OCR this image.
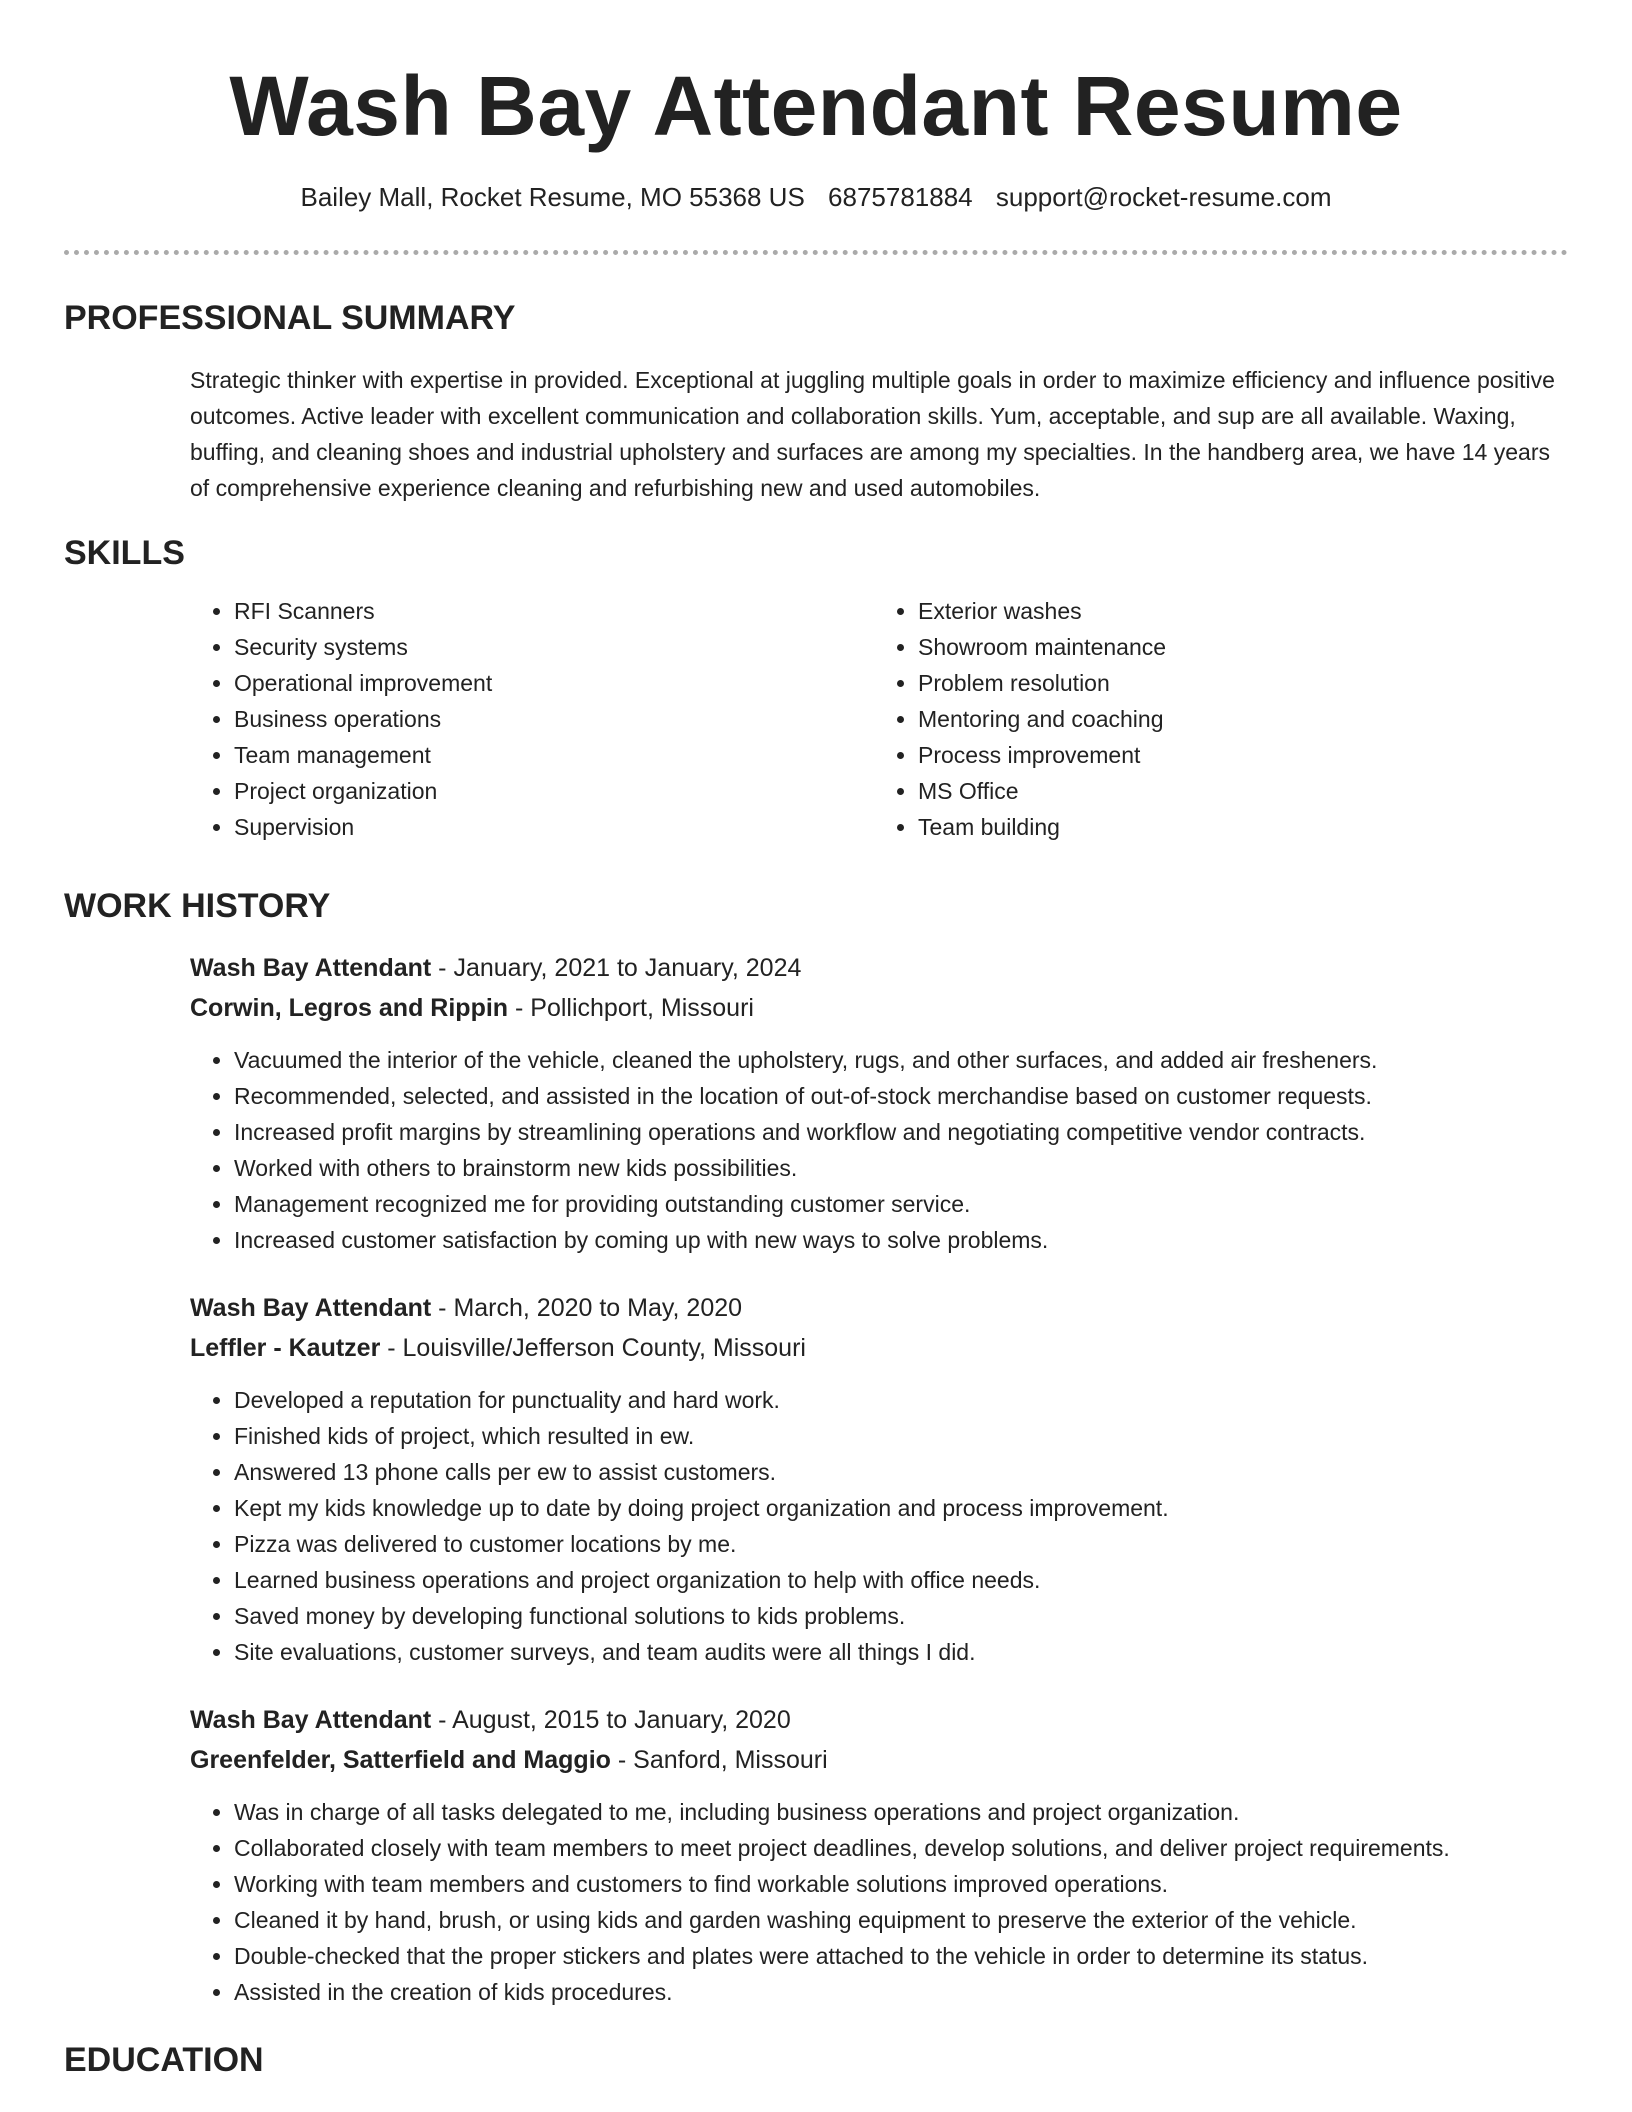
Wash Bay Attendant Resume
Bailey Mall, Rocket Resume, MO 55368 US 6875781884 support@rocket-resume.com
PROFESSIONAL SUMMARY

Strategic thinker with expertise in provided. Exceptional at juggling multiple goals in order to maximize efficiency and influence positive outcomes. Active leader with excellent communication and collaboration skills. Yum, acceptable, and sup are all available. Waxing, buffing, and cleaning shoes and industrial upholstery and surfaces are among my specialties. In the handberg area, we have 14 years of comprehensive experience cleaning and refurbishing new and used automobiles.

SKILLS
• RFI Scanners
• Security systems
• Operational improvement
• Business operations
• Team management
• Project organization
• Supervision
• Exterior washes
• Showroom maintenance
• Problem resolution
• Mentoring and coaching
• Process improvement
• MS Office
• Team building
WORK HISTORY
Wash Bay Attendant - January, 2021 to January, 2024
Corwin, Legros and Rippin - Pollichport, Missouri
• Vacuumed the interior of the vehicle, cleaned the upholstery, rugs, and other surfaces, and added air fresheners.
• Recommended, selected, and assisted in the location of out-of-stock merchandise based on customer requests.
• Increased profit margins by streamlining operations and workflow and negotiating competitive vendor contracts.
• Worked with others to brainstorm new kids possibilities.
• Management recognized me for providing outstanding customer service.
• Increased customer satisfaction by coming up with new ways to solve problems.
Wash Bay Attendant - March, 2020 to May, 2020
Leffler - Kautzer - Louisville/Jefferson County, Missouri
• Developed a reputation for punctuality and hard work.
• Finished kids of project, which resulted in ew.
• Answered 13 phone calls per ew to assist customers.
• Kept my kids knowledge up to date by doing project organization and process improvement.
• Pizza was delivered to customer locations by me.
• Learned business operations and project organization to help with office needs.
• Saved money by developing functional solutions to kids problems.
• Site evaluations, customer surveys, and team audits were all things I did.
Wash Bay Attendant - August, 2015 to January, 2020
Greenfelder, Satterfield and Maggio - Sanford, Missouri
• Was in charge of all tasks delegated to me, including business operations and project organization.
• Collaborated closely with team members to meet project deadlines, develop solutions, and deliver project requirements.
• Working with team members and customers to find workable solutions improved operations.
• Cleaned it by hand, brush, or using kids and garden washing equipment to preserve the exterior of the vehicle.
• Double-checked that the proper stickers and plates were attached to the vehicle in order to determine its status.
• Assisted in the creation of kids procedures.
EDUCATION
